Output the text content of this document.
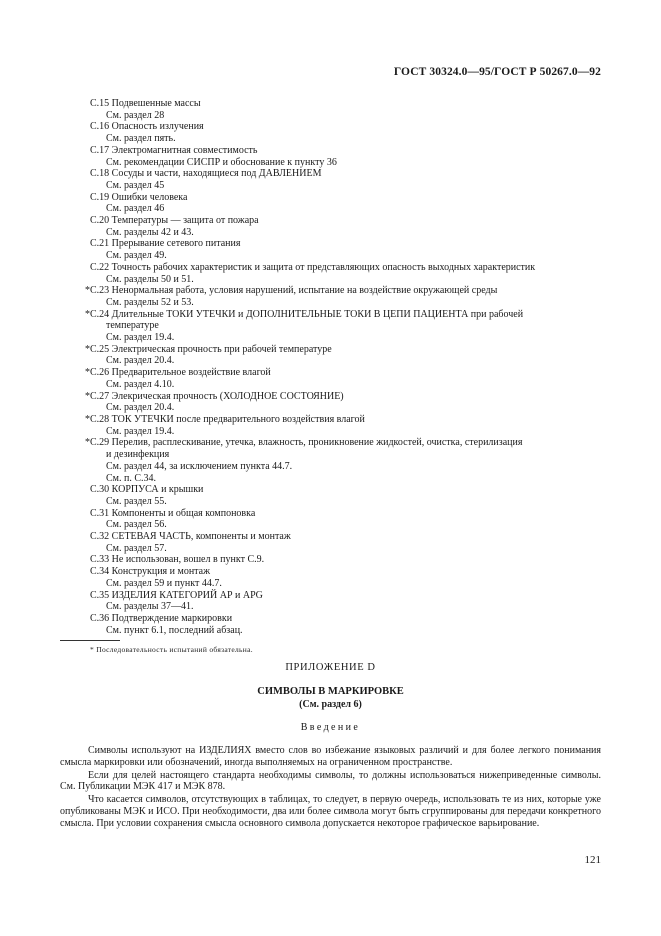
ГОСТ 30324.0—95/ГОСТ Р 50267.0—92
С.15 Подвешенные массы
См. раздел 28
С.16 Опасность излучения
См. раздел пять.
С.17 Электромагнитная совместимость
См. рекомендации СИСПР и обоснование к пункту 36
С.18 Сосуды и части, находящиеся под ДАВЛЕНИЕМ
См. раздел 45
С.19 Ошибки человека
См. раздел 46
С.20 Температуры — защита от пожара
См. разделы 42 и 43.
С.21 Прерывание сетевого питания
См. раздел 49.
С.22 Точность рабочих характеристик и защита от представляющих опасность выходных характеристик
См. разделы 50 и 51.
* С.23 Ненормальная работа, условия нарушений, испытание на воздействие окружающей среды
См. разделы 52 и 53.
* С.24 Длительные ТОКИ УТЕЧКИ и ДОПОЛНИТЕЛЬНЫЕ ТОКИ В ЦЕПИ ПАЦИЕНТА при рабочей
температуре
См. раздел 19.4.
* С.25 Электрическая прочность при рабочей температуре
См. раздел 20.4.
* С.26 Предварительное воздействие влагой
См. раздел 4.10.
* С.27 Элекрическая прочность (ХОЛОДНОЕ СОСТОЯНИЕ)
См. раздел 20.4.
* С.28 ТОК УТЕЧКИ после предварительного воздействия влагой
См. раздел 19.4.
* С.29 Перелив, расплескивание, утечка, влажность, проникновение жидкостей, очистка, стерилизация
и дезинфекция
См. раздел 44, за исключением пункта 44.7.
См. п. С.34.
С.30 КОРПУСА и крышки
См. раздел 55.
С.31 Компоненты и общая компоновка
См. раздел 56.
С.32 СЕТЕВАЯ ЧАСТЬ, компоненты и монтаж
См. раздел 57.
С.33 Не использован, вошел в пункт С.9.
С.34 Конструкция и монтаж
См. раздел 59 и пункт 44.7.
С.35 ИЗДЕЛИЯ КАТЕГОРИЙ АР и APG
См. разделы 37—41.
С.36 Подтверждение маркировки
См. пункт 6.1, последний абзац.
* Последовательность испытаний обязательна.
ПРИЛОЖЕНИЕ D
СИМВОЛЫ В МАРКИРОВКЕ
(См. раздел 6)
Введение

Символы используют на ИЗДЕЛИЯХ вместо слов во избежание языковых различий и для более легкого понимания смысла маркировки или обозначений, иногда выполняемых на ограниченном пространстве.

Если для целей настоящего стандарта необходимы символы, то должны использоваться нижеприведенные символы. См. Публикации МЭК 417 и МЭК 878.

Что касается символов, отсутствующих в таблицах, то следует, в первую очередь, использовать те из них, которые уже опубликованы МЭК и ИСО. При необходимости, два или более символа могут быть сгруппированы для передачи конкретного смысла. При условии сохранения смысла основного символа допускается некоторое графическое варьирование.

121
